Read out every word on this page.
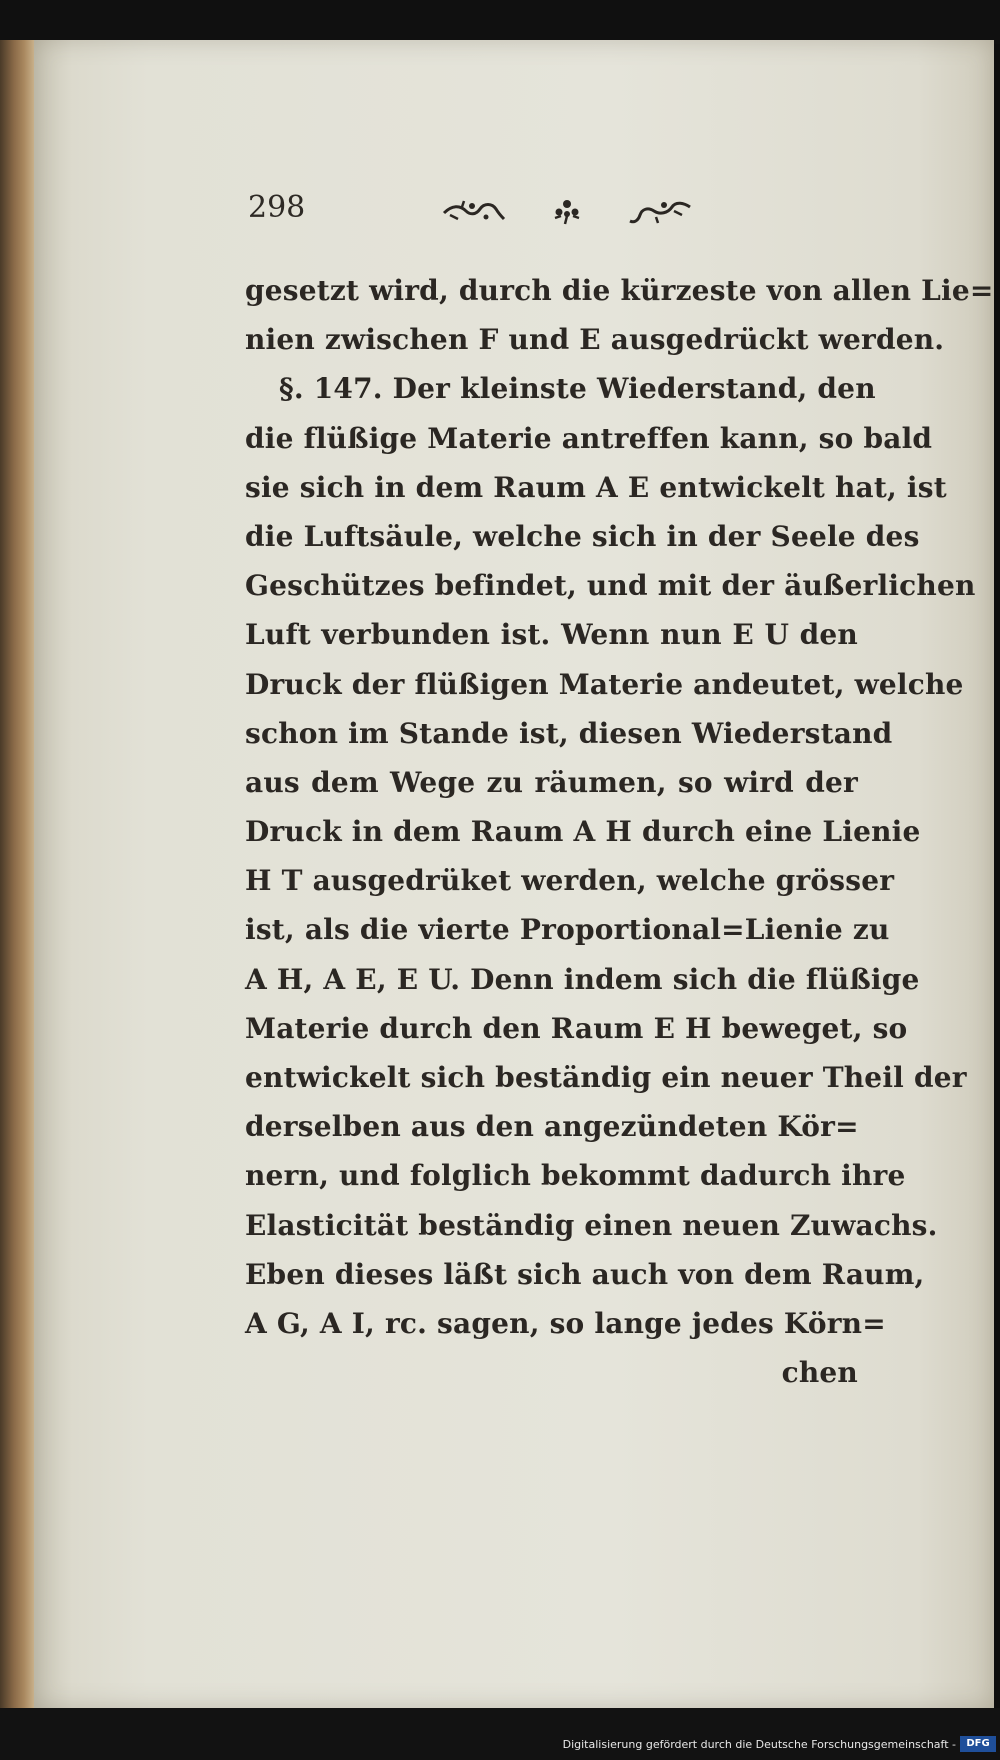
298
gesetzt wird, durch die kürzeste von allen Lie=
nien zwischen F und E ausgedrückt werden.
§. 147. Der kleinste Wiederstand, den
die flüßige Materie antreffen kann, so bald
sie sich in dem Raum A E entwickelt hat, ist
die Luftsäule, welche sich in der Seele des
Geschützes befindet, und mit der äußerlichen
Luft verbunden ist. Wenn nun E U den
Druck der flüßigen Materie andeutet, welche
schon im Stande ist, diesen Wiederstand
aus dem Wege zu räumen, so wird der
Druck in dem Raum A H durch eine Lienie
H T ausgedrüket werden, welche grösser
ist, als die vierte Proportional=Lienie zu
A H, A E, E U. Denn indem sich die flüßige
Materie durch den Raum E H beweget, so
entwickelt sich beständig ein neuer Theil der
derselben aus den angezündeten Kör=
nern, und folglich bekommt dadurch ihre
Elasticität beständig einen neuen Zuwachs.
Eben dieses läßt sich auch von dem Raum,
A G, A I, rc. sagen, so lange jedes Körn=
chen
Digitalisierung gefördert durch die Deutsche Forschungsgemeinschaft -	DFG
